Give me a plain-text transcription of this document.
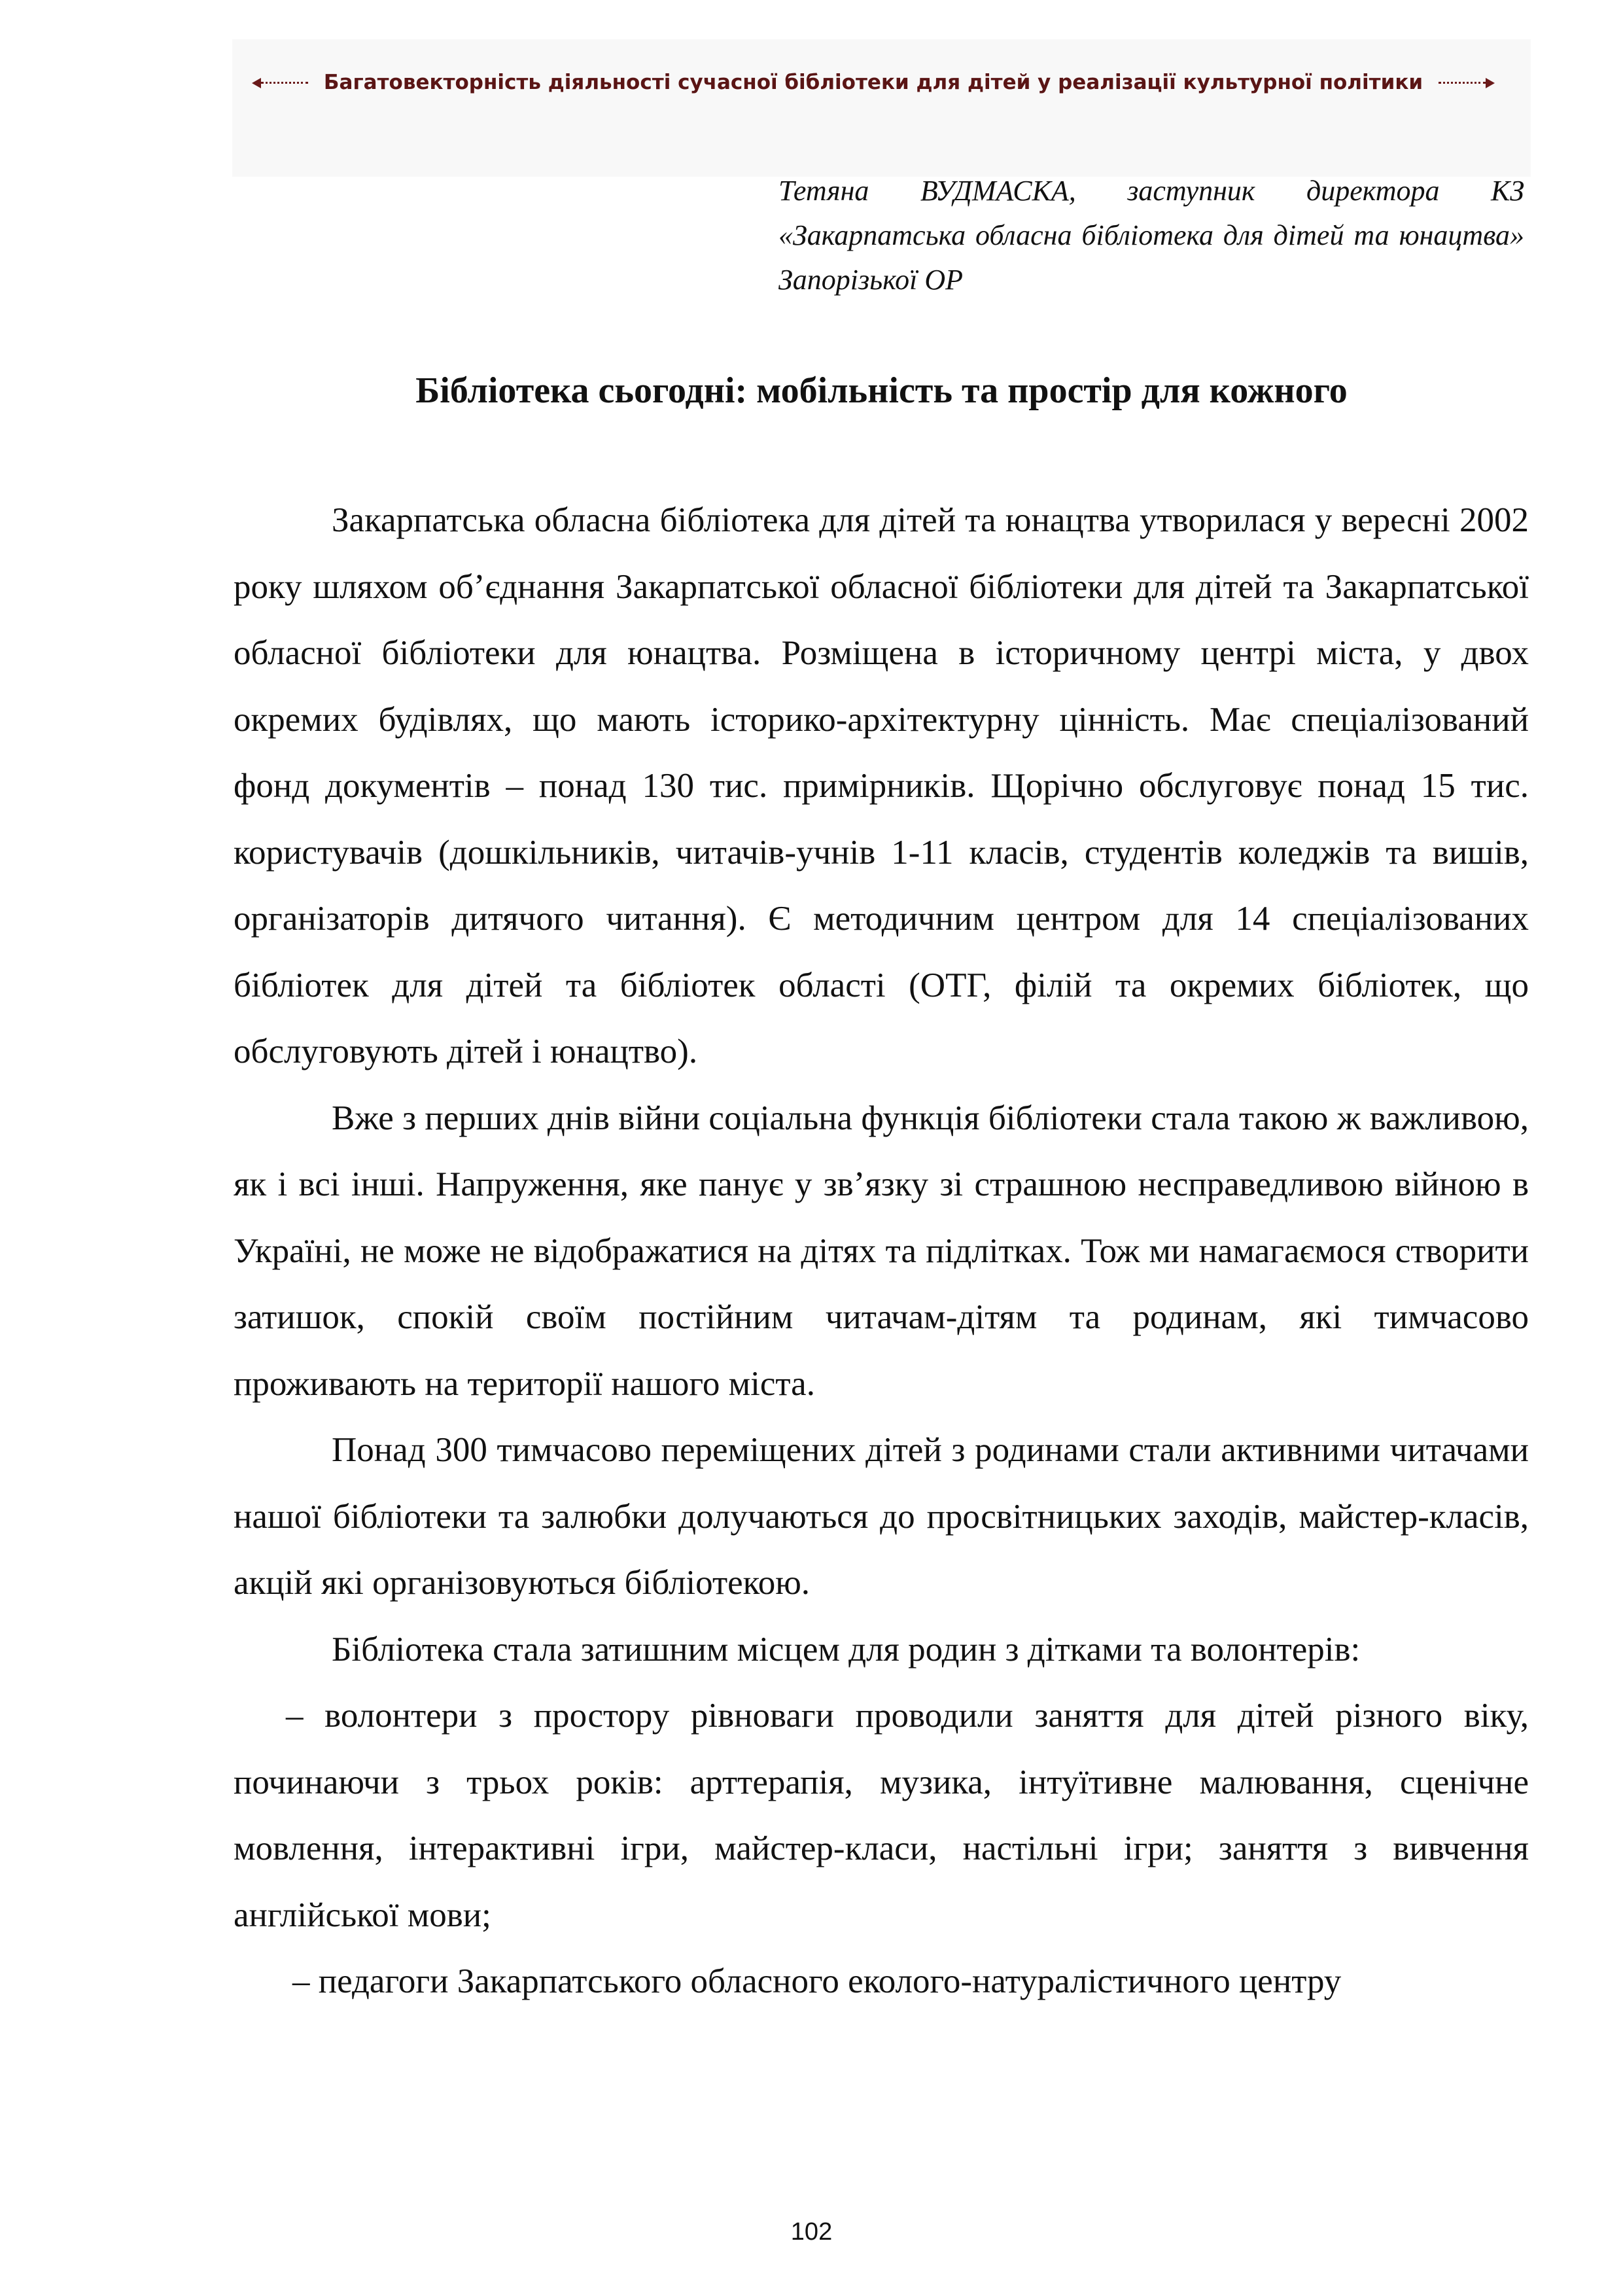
Багатовекторність діяльності сучасної бібліотеки для дітей у реалізації культурної політики
Тетяна ВУДМАСКА, заступник директора КЗ «Закарпатська обласна бібліотека для дітей та юнацтва» Запорізької ОР
Бібліотека сьогодні: мобільність та простір для кожного

Закарпатська обласна бібліотека для дітей та юнацтва утворилася у вересні 2002 року шляхом об’єднання Закарпатської обласної бібліотеки для дітей та Закарпатської обласної бібліотеки для юнацтва. Розміщена в історичному центрі міста, у двох окремих будівлях, що мають історико-архітектурну цінність. Має спеціалізований фонд документів – понад 130 тис. примірників. Щорічно обслуговує понад 15 тис. користувачів (дошкільників, читачів-учнів 1-11 класів, студентів коледжів та вишів, організаторів дитячого читання). Є методичним центром для 14 спеціалізованих бібліотек для дітей та бібліотек області (ОТГ, філій та окремих бібліотек, що обслуговують дітей і юнацтво).

Вже з перших днів війни соціальна функція бібліотеки стала такою ж важливою, як і всі інші. Напруження, яке панує у зв’язку зі страшною несправедливою війною в Україні, не може не відображатися на дітях та підлітках. Тож ми намагаємося створити затишок, спокій своїм постійним читачам-дітям та родинам, які тимчасово проживають на території нашого міста.

Понад 300 тимчасово переміщених дітей з родинами стали активними читачами нашої бібліотеки та залюбки долучаються до просвітницьких заходів, майстер-класів, акцій які організовуються бібліотекою.

Бібліотека стала затишним місцем для родин з дітками та волонтерів:

– волонтери з простору рівноваги проводили заняття для дітей різного віку, починаючи з трьох років: арттерапія, музика, інтуїтивне малювання, сценічне мовлення, інтерактивні ігри, майстер-класи, настільні ігри; заняття з вивчення англійської мови;

– педагоги Закарпатського обласного еколого-натуралістичного центру

102
